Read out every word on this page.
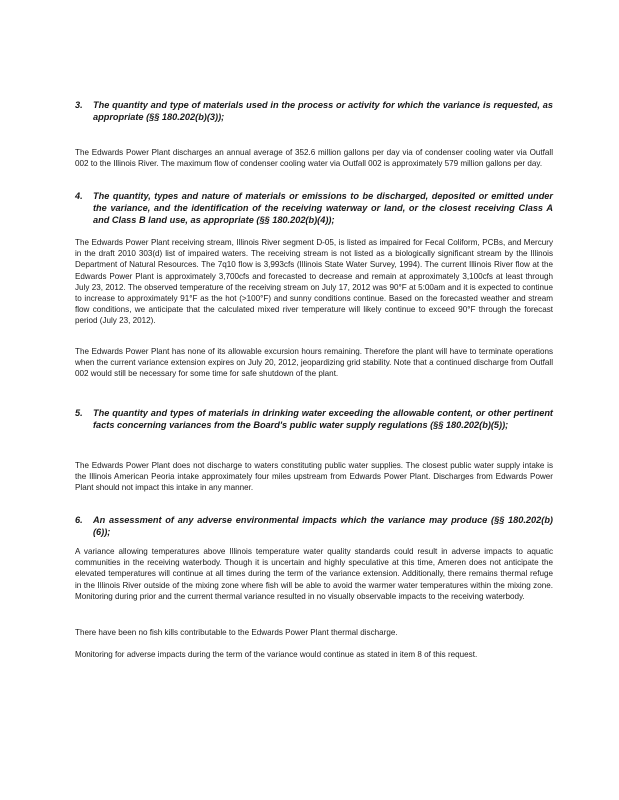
3.	The quantity and type of materials used in the process or activity for which the variance is requested, as appropriate (§§ 180.202(b)(3));

The Edwards Power Plant discharges an annual average of 352.6 million gallons per day via of condenser cooling water via Outfall 002 to the Illinois River. The maximum flow of condenser cooling water via Outfall 002 is approximately 579 million gallons per day.

4.	The quantity, types and nature of materials or emissions to be discharged, deposited or emitted under the variance, and the identification of the receiving waterway or land, or the closest receiving Class A and Class B land use, as appropriate (§§ 180.202(b)(4));

The Edwards Power Plant receiving stream, Illinois River segment D-05, is listed as impaired for Fecal Coliform, PCBs, and Mercury in the draft 2010 303(d) list of impaired waters. The receiving stream is not listed as a biologically significant stream by the Illinois Department of Natural Resources. The 7q10 flow is 3,993cfs (Illinois State Water Survey, 1994). The current Illinois River flow at the Edwards Power Plant is approximately 3,700cfs and forecasted to decrease and remain at approximately 3,100cfs at least through July 23, 2012. The observed temperature of the receiving stream on July 17, 2012 was 90°F at 5:00am and it is expected to continue to increase to approximately 91°F as the hot (>100°F) and sunny conditions continue. Based on the forecasted weather and stream flow conditions, we anticipate that the calculated mixed river temperature will likely continue to exceed 90°F through the forecast period (July 23, 2012).

The Edwards Power Plant has none of its allowable excursion hours remaining. Therefore the plant will have to terminate operations when the current variance extension expires on July 20, 2012, jeopardizing grid stability. Note that a continued discharge from Outfall 002 would still be necessary for some time for safe shutdown of the plant.

5.	The quantity and types of materials in drinking water exceeding the allowable content, or other pertinent facts concerning variances from the Board's public water supply regulations (§§ 180.202(b)(5));

The Edwards Power Plant does not discharge to waters constituting public water supplies. The closest public water supply intake is the Illinois American Peoria intake approximately four miles upstream from Edwards Power Plant. Discharges from Edwards Power Plant should not impact this intake in any manner.

6.	An assessment of any adverse environmental impacts which the variance may produce (§§ 180.202(b)(6));

A variance allowing temperatures above Illinois temperature water quality standards could result in adverse impacts to aquatic communities in the receiving waterbody. Though it is uncertain and highly speculative at this time, Ameren does not anticipate the elevated temperatures will continue at all times during the term of the variance extension. Additionally, there remains thermal refuge in the Illinois River outside of the mixing zone where fish will be able to avoid the warmer water temperatures within the mixing zone. Monitoring during prior and the current thermal variance resulted in no visually observable impacts to the receiving waterbody.

There have been no fish kills contributable to the Edwards Power Plant thermal discharge.

Monitoring for adverse impacts during the term of the variance would continue as stated in item 8 of this request.
